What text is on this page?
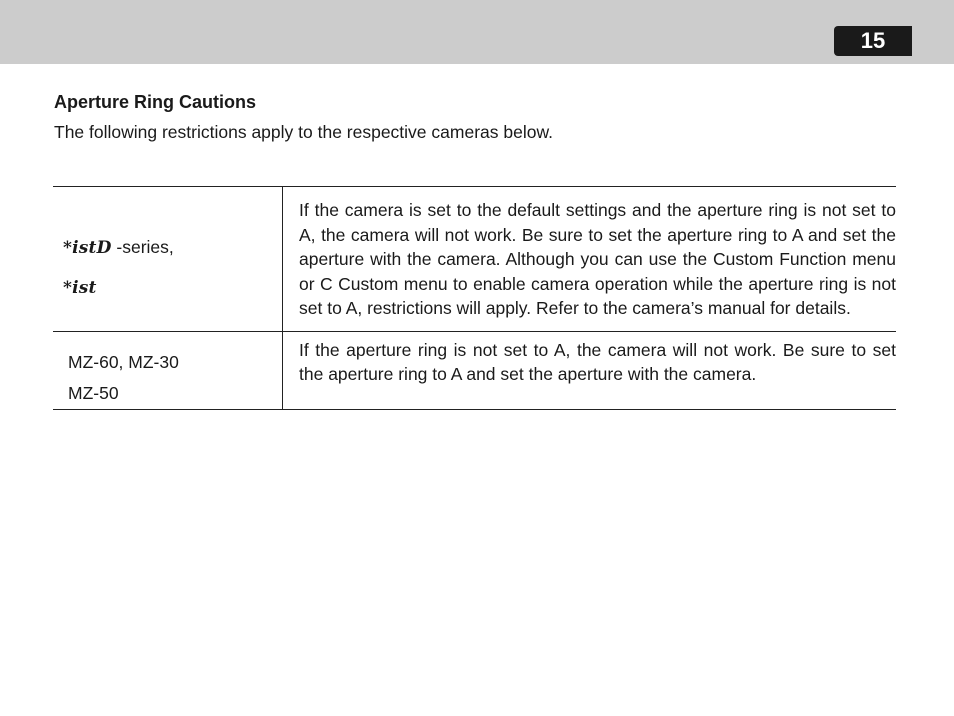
15
Aperture Ring Cautions
The following restrictions apply to the respective cameras below.
*istD -series,
*ist
If the camera is set to the default settings and the aperture ring is not set to A, the camera will not work. Be sure to set the aperture ring to A and set the aperture with the camera. Although you can use the Custom Function menu or C Custom menu to enable camera operation while the aperture ring is not set to A, restrictions will apply. Refer to the camera’s manual for details.
MZ-60, MZ-30
MZ-50
If the aperture ring is not set to A, the camera will not work. Be sure to set the aperture ring to A and set the aperture with the camera.
